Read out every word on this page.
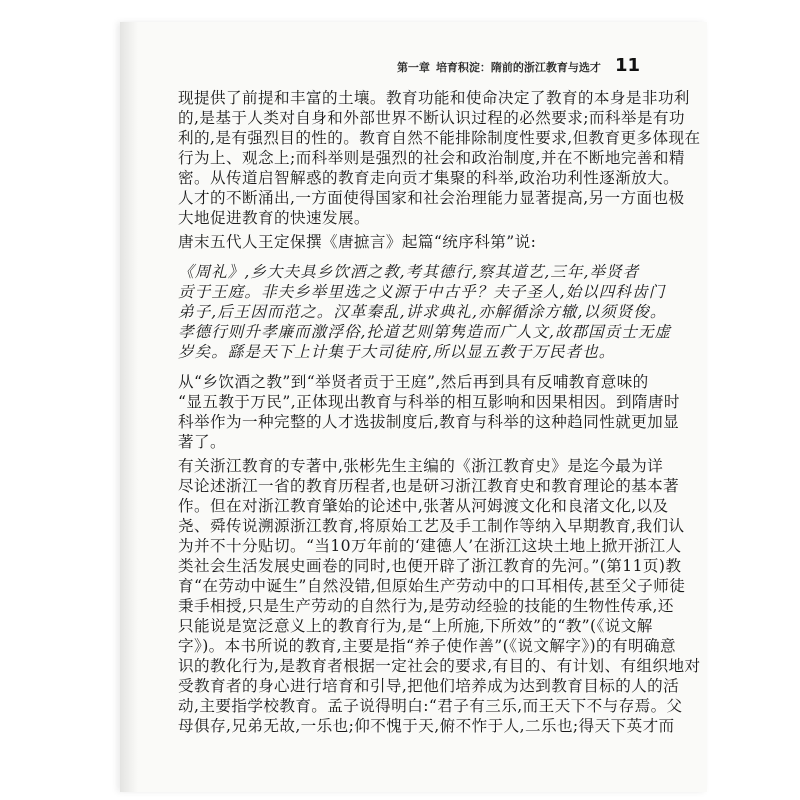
第一章 培育积淀：隋前的浙江教育与选才 11
现提供了前提和丰富的土壤。教育功能和使命决定了教育的本身是非功利
的,是基于人类对自身和外部世界不断认识过程的必然要求;而科举是有功
利的,是有强烈目的性的。教育自然不能排除制度性要求,但教育更多体现在
行为上、观念上;而科举则是强烈的社会和政治制度,并在不断地完善和精
密。从传道启智解惑的教育走向贡才集聚的科举,政治功利性逐渐放大。
人才的不断涌出,一方面使得国家和社会治理能力显著提高,另一方面也极
大地促进教育的快速发展。
唐末五代人王定保撰《唐摭言》起篇“统序科第”说:
《周礼》,乡大夫具乡饮酒之教,考其德行,察其道艺,三年,举贤者
贡于王庭。非夫乡举里选之义源于中古乎？夫子圣人,始以四科齿门
弟子,后王因而范之。汉革秦乱,讲求典礼,亦解循涂方辙,以须贤俊。
孝德行则升孝廉而激浮俗,抡道艺则第隽造而广人文,故郡国贡士无虚
岁矣。繇是天下上计集于大司徒府,所以显五教于万民者也。
从“乡饮酒之教”到“举贤者贡于王庭”,然后再到具有反哺教育意味的
“显五教于万民”,正体现出教育与科举的相互影响和因果相因。到隋唐时
科举作为一种完整的人才选拔制度后,教育与科举的这种趋同性就更加显
著了。
有关浙江教育的专著中,张彬先生主编的《浙江教育史》是迄今最为详
尽论述浙江一省的教育历程者,也是研习浙江教育史和教育理论的基本著
作。但在对浙江教育肇始的论述中,张著从河姆渡文化和良渚文化,以及
尧、舜传说溯源浙江教育,将原始工艺及手工制作等纳入早期教育,我们认
为并不十分贴切。“当10万年前的‘建德人’在浙江这块土地上掀开浙江人
类社会生活发展史画卷的同时,也便开辟了浙江教育的先河。”(第11页)教
育“在劳动中诞生”自然没错,但原始生产劳动中的口耳相传,甚至父子师徒
秉手相授,只是生产劳动的自然行为,是劳动经验的技能的生物性传承,还
只能说是宽泛意义上的教育行为,是“上所施,下所效”的“教”(《说文解
字》)。本书所说的教育,主要是指“养子使作善”(《说文解字》)的有明确意
识的教化行为,是教育者根据一定社会的要求,有目的、有计划、有组织地对
受教育者的身心进行培育和引导,把他们培养成为达到教育目标的人的活
动,主要指学校教育。孟子说得明白:“君子有三乐,而王天下不与存焉。父
母俱存,兄弟无故,一乐也;仰不愧于天,俯不怍于人,二乐也;得天下英才而
